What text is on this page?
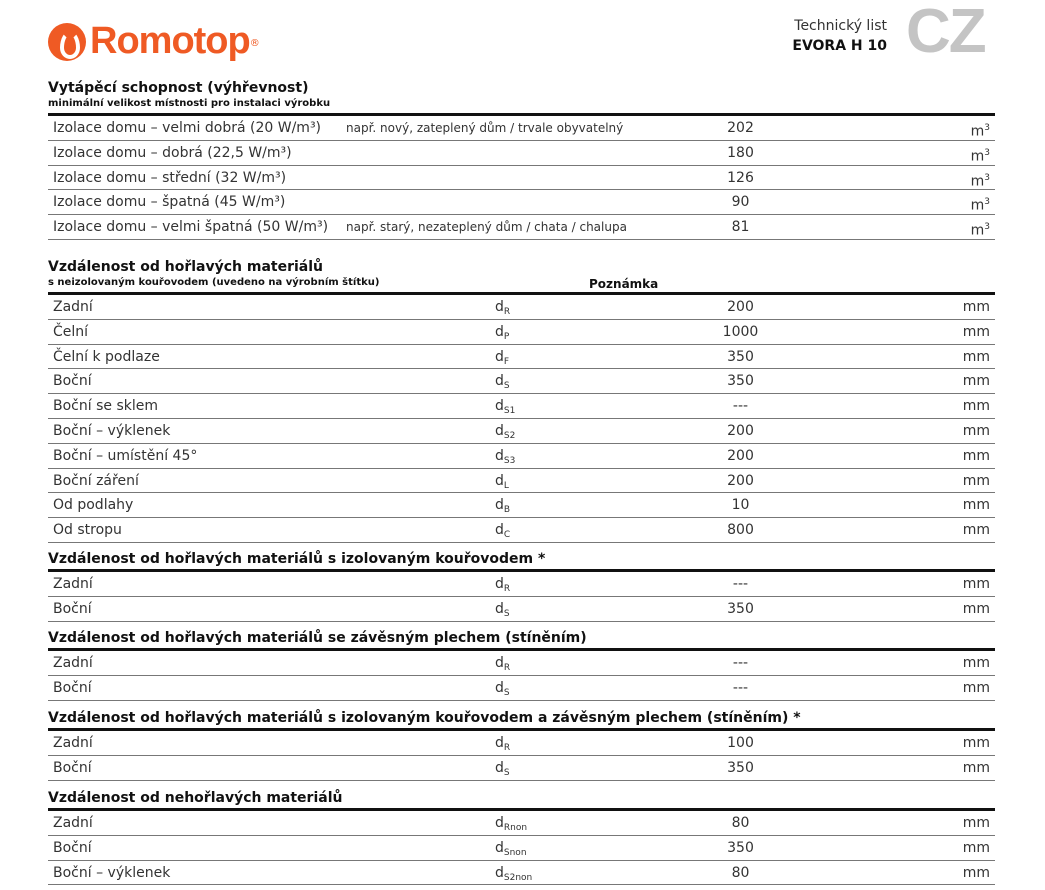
Romotop ®
Technický list
EVORA H 10 CZ
Vytápěcí schopnost (výhřevnost)
minimální velikost místnosti pro instalaci výrobku
Izolace domu – velmi dobrá (20 W/m³) např. nový, zateplený dům / trvale obyvatelný	202	$m^3$
Izolace domu – dobrá (22,5 W/m³)	180	$m^3$
Izolace domu – střední (32 W/m³)	126	$m^3$
Izolace domu – špatná (45 W/m³)	90	$m^3$
Izolace domu – velmi špatná (50 W/m³) např. starý, nezateplený dům / chata / chalupa	81	$m^3$
Vzdálenost od hořlavých materiálů
s neizolovaným kouřovodem (uvedeno na výrobním štítku)	Poznámka
Zadní	$d_R$	200	mm
Čelní	$d_P$	1000	mm
Čelní k podlaze	$d_F$	350	mm
Boční	$d_S$	350	mm
Boční se sklem	$d_{S1}$	---	mm
Boční – výklenek	$d_{S2}$	200	mm
Boční – umístění 45°	$d_{S3}$	200	mm
Boční záření	$d_L$	200	mm
Od podlahy	$d_B$	10	mm
Od stropu	$d_C$	800	mm
Vzdálenost od hořlavých materiálů s izolovaným kouřovodem *
Zadní	$d_R$	---	mm
Boční	$d_S$	350	mm
Vzdálenost od hořlavých materiálů se závěsným plechem (stíněním)
Zadní	$d_R$	---	mm
Boční	$d_S$	---	mm
Vzdálenost od hořlavých materiálů s izolovaným kouřovodem a závěsným plechem (stíněním) *
Zadní	$d_R$	100	mm
Boční	$d_S$	350	mm
Vzdálenost od nehořlavých materiálů
Zadní	$d_{Rnon}$	80	mm
Boční	$d_{Snon}$	350	mm
Boční – výklenek	$d_{S2non}$	80	mm
